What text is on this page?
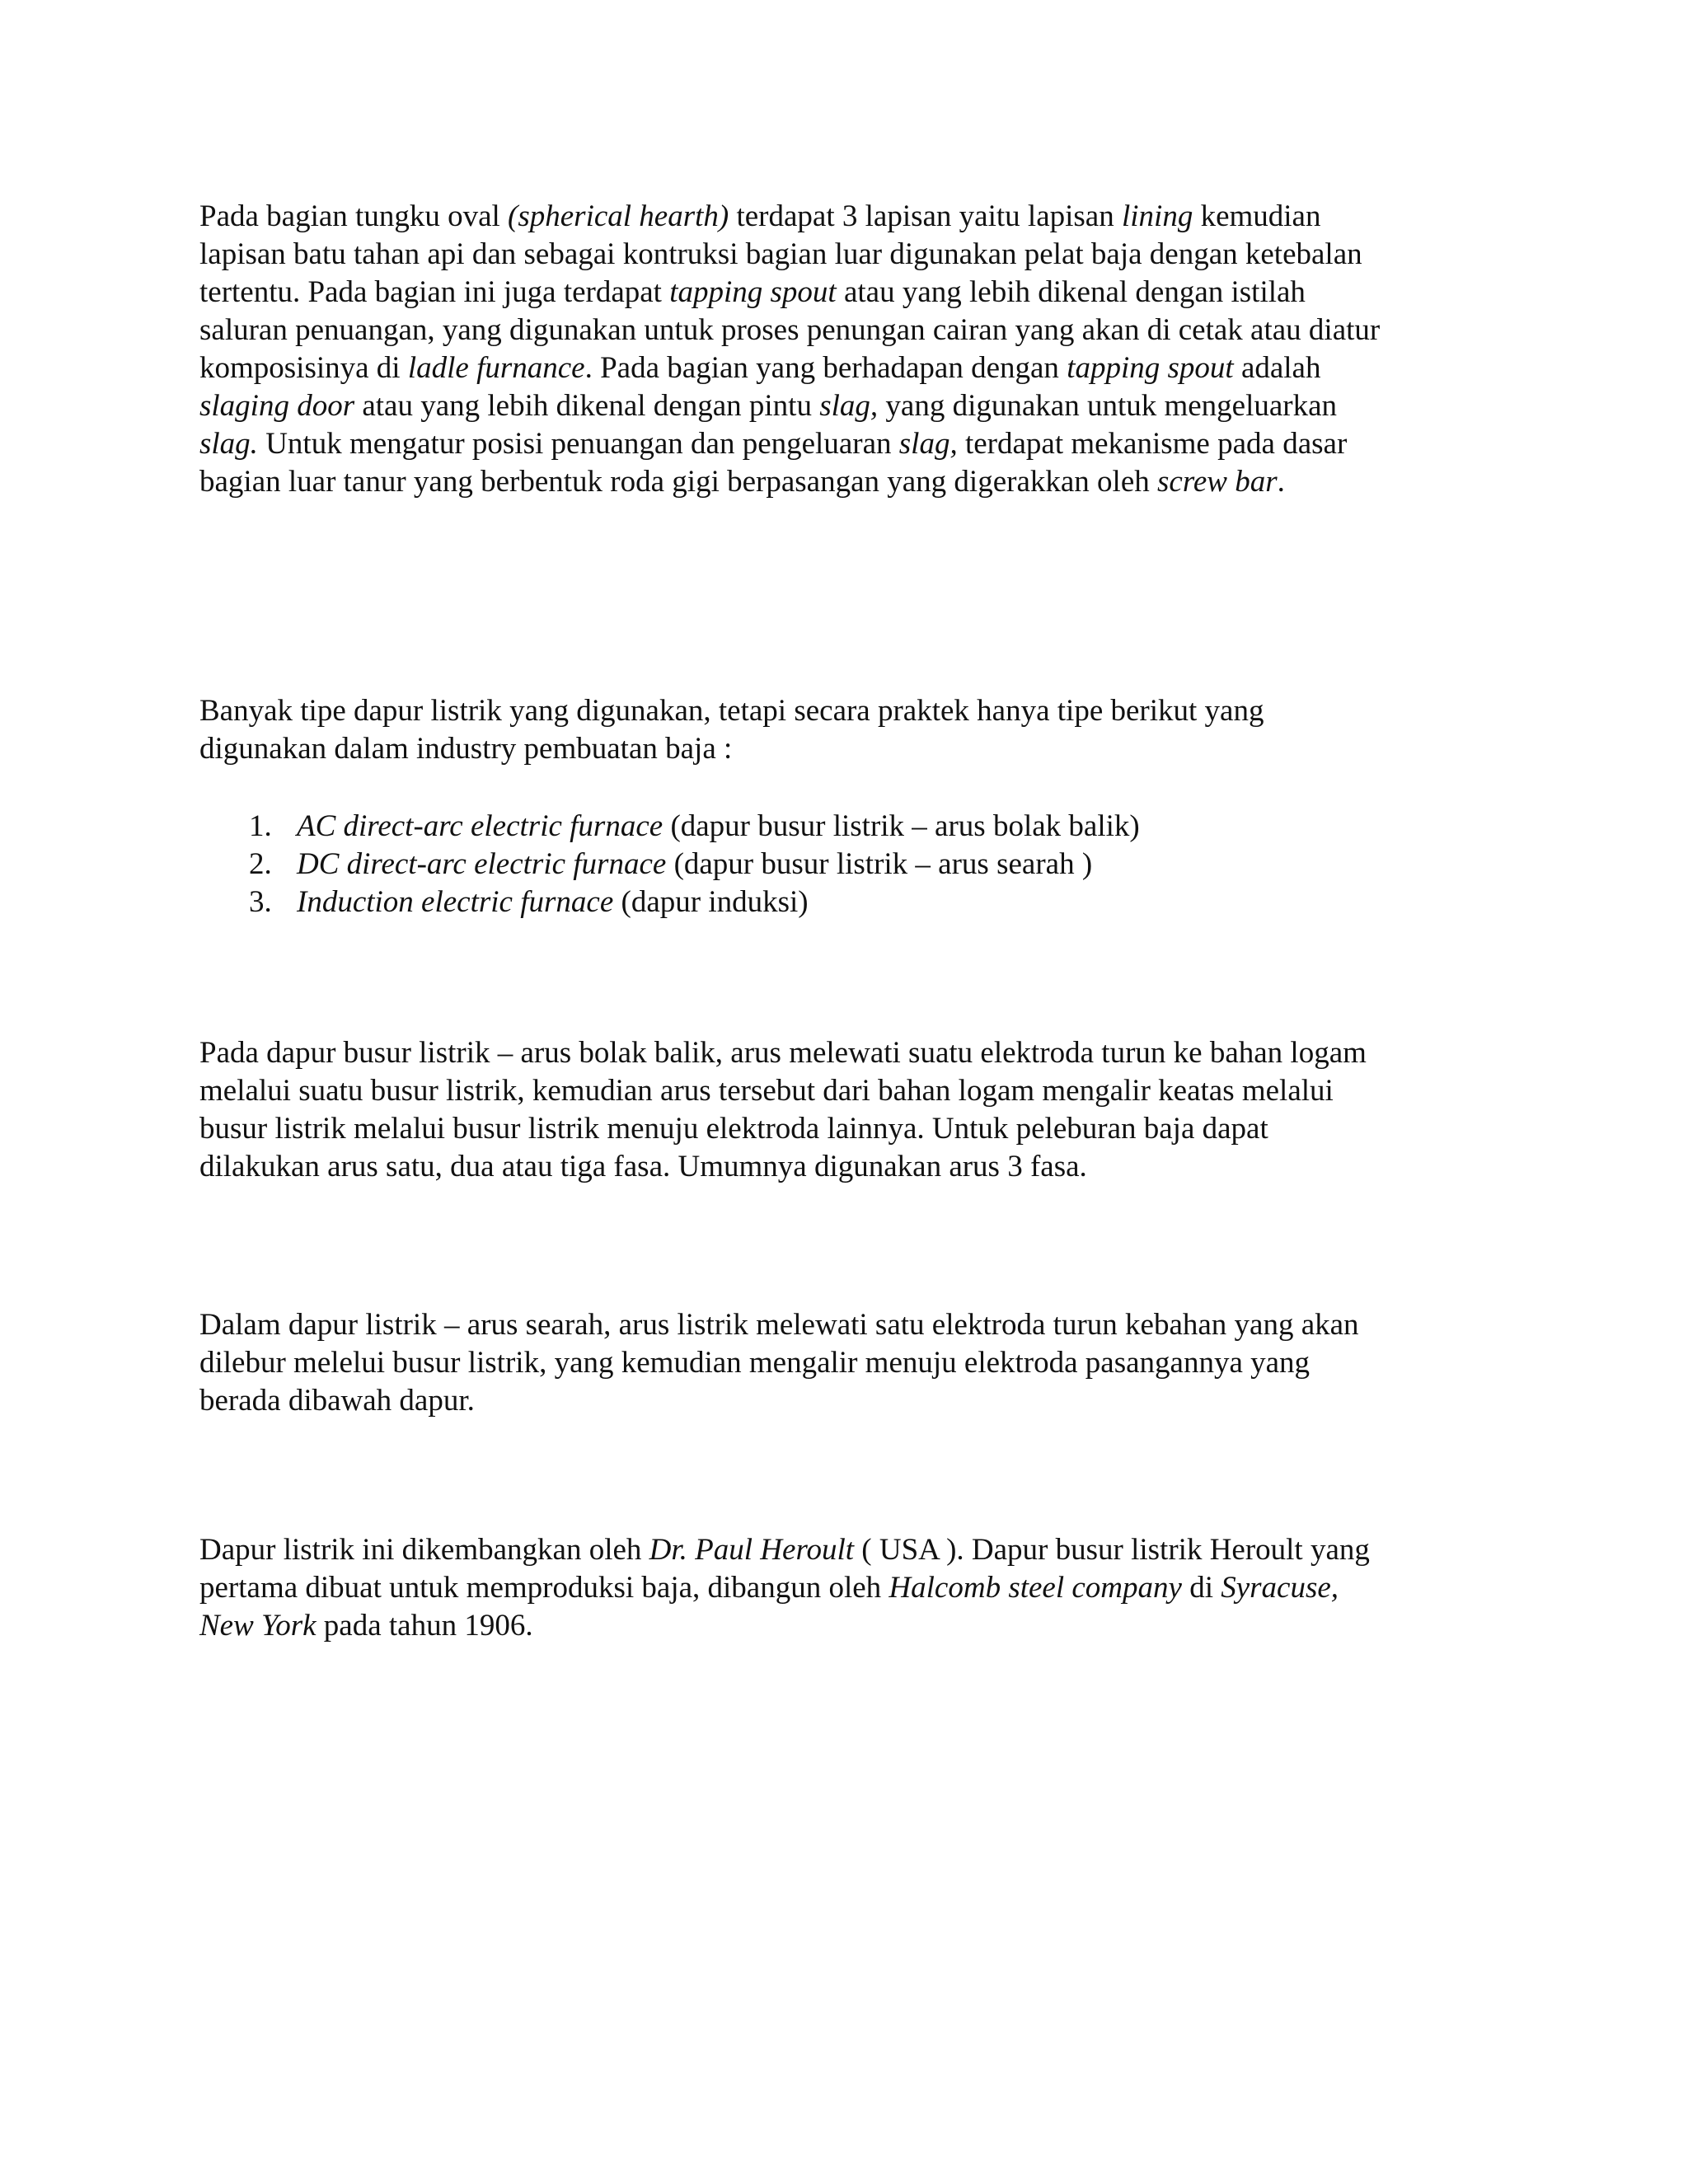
Pada bagian tungku oval (spherical hearth) terdapat 3 lapisan yaitu lapisan lining kemudian
lapisan batu tahan api dan sebagai kontruksi bagian luar digunakan pelat baja dengan ketebalan
tertentu. Pada bagian ini juga terdapat tapping spout atau yang lebih dikenal dengan istilah
saluran penuangan, yang digunakan untuk proses penungan cairan yang akan di cetak atau diatur
komposisinya di ladle furnance. Pada bagian yang berhadapan dengan tapping spout adalah
slaging door atau yang lebih dikenal dengan pintu slag, yang digunakan untuk mengeluarkan
slag. Untuk mengatur posisi penuangan dan pengeluaran slag, terdapat mekanisme pada dasar
bagian luar tanur yang berbentuk roda gigi berpasangan yang digerakkan oleh screw bar.
Banyak tipe dapur listrik yang digunakan, tetapi secara praktek hanya tipe berikut yang
digunakan dalam industry pembuatan baja :
1. AC direct-arc electric furnace (dapur busur listrik – arus bolak balik)
2. DC direct-arc electric furnace (dapur busur listrik – arus searah )
3. Induction electric furnace (dapur induksi)
Pada dapur busur listrik – arus bolak balik, arus melewati suatu elektroda turun ke bahan logam
melalui suatu busur listrik, kemudian arus tersebut dari bahan logam mengalir keatas melalui
busur listrik melalui busur listrik menuju elektroda lainnya. Untuk peleburan baja dapat
dilakukan arus satu, dua atau tiga fasa. Umumnya digunakan arus 3 fasa.
Dalam dapur listrik – arus searah, arus listrik melewati satu elektroda turun kebahan yang akan
dilebur melelui busur listrik, yang kemudian mengalir menuju elektroda pasangannya yang
berada dibawah dapur.
Dapur listrik ini dikembangkan oleh Dr. Paul Heroult ( USA ). Dapur busur listrik Heroult yang
pertama dibuat untuk memproduksi baja, dibangun oleh Halcomb steel company di Syracuse,
New York pada tahun 1906.
